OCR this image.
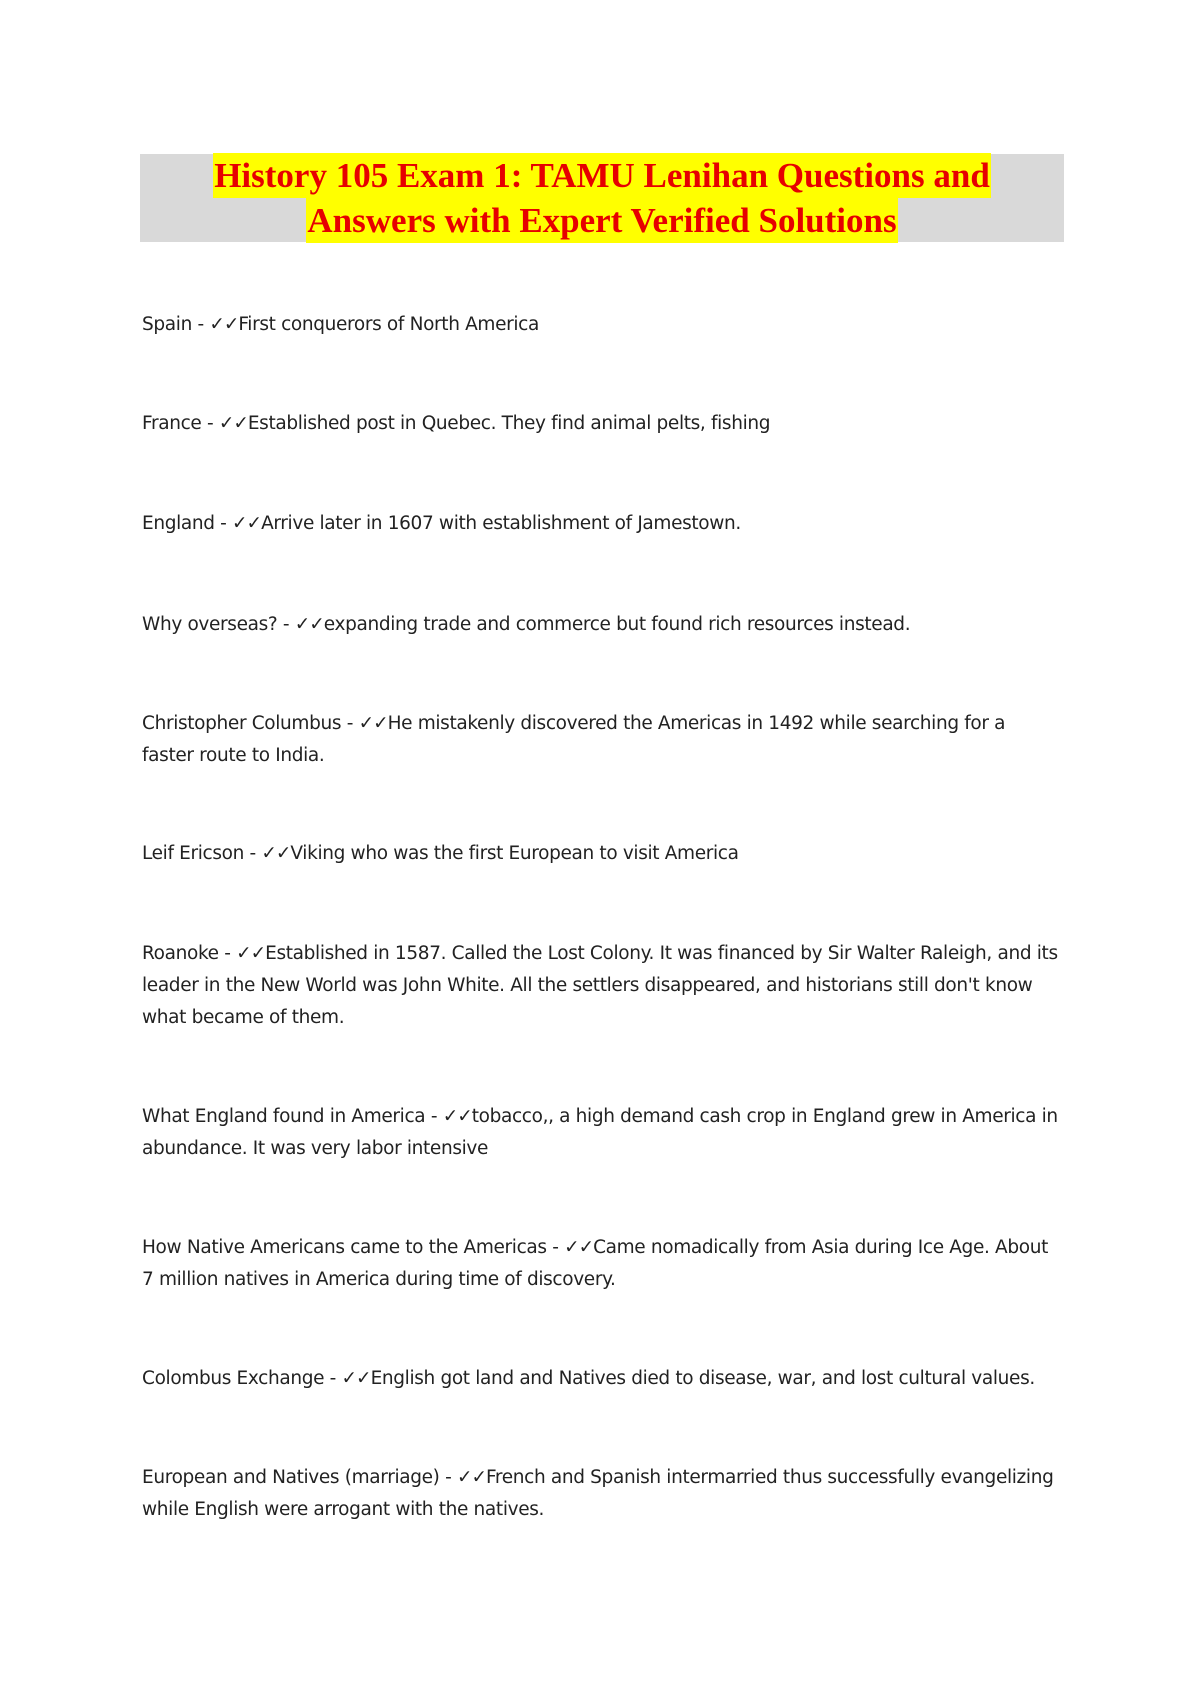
History 105 Exam 1: TAMU Lenihan Questions and
Answers with Expert Verified Solutions
Spain - ✓✓First conquerors of North America
France - ✓✓Established post in Quebec. They find animal pelts, fishing
England - ✓✓Arrive later in 1607 with establishment of Jamestown.
Why overseas? - ✓✓expanding trade and commerce but found rich resources instead.
Christopher Columbus - ✓✓He mistakenly discovered the Americas in 1492 while searching for a faster route to India.
Leif Ericson - ✓✓Viking who was the first European to visit America
Roanoke - ✓✓Established in 1587. Called the Lost Colony. It was financed by Sir Walter Raleigh, and its leader in the New World was John White. All the settlers disappeared, and historians still don't know what became of them.
What England found in America - ✓✓tobacco,, a high demand cash crop in England grew in America in abundance. It was very labor intensive
How Native Americans came to the Americas - ✓✓Came nomadically from Asia during Ice Age. About 7 million natives in America during time of discovery.
Colombus Exchange - ✓✓English got land and Natives died to disease, war, and lost cultural values.
European and Natives (marriage) - ✓✓French and Spanish intermarried thus successfully evangelizing while English were arrogant with the natives.
